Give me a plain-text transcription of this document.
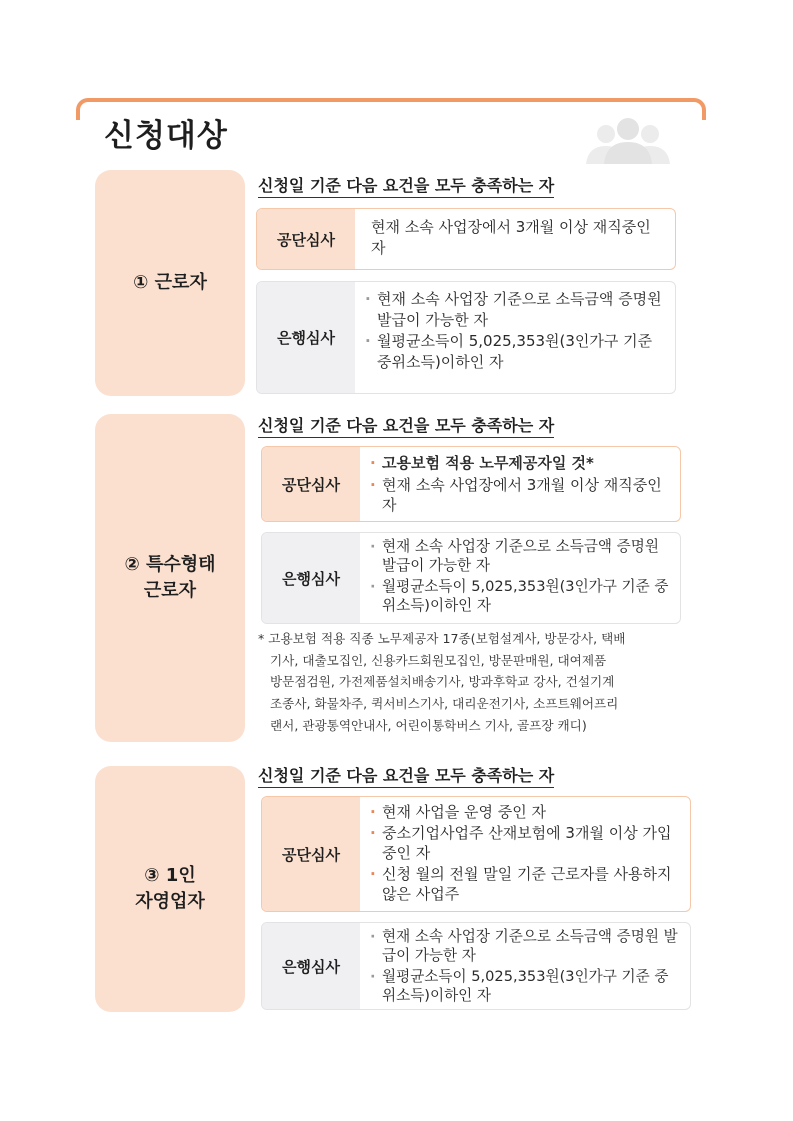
신청대상
① 근로자
신청일 기준 다음 요건을 모두 충족하는 자
공단심사
현재 소속 사업장에서 3개월 이상 재직중인 자
은행심사
· 현재 소속 사업장 기준으로 소득금액 증명원 발급이 가능한 자
· 월평균소득이 5,025,353원(3인가구 기준 중위소득)이하인 자
② 특수형태
근로자
신청일 기준 다음 요건을 모두 충족하는 자
공단심사
· 고용보험 적용 노무제공자일 것*
· 현재 소속 사업장에서 3개월 이상 재직중인 자
은행심사
· 현재 소속 사업장 기준으로 소득금액 증명원 발급이 가능한 자
· 월평균소득이 5,025,353원(3인가구 기준 중위소득)이하인 자
* 고용보험 적용 직종 노무제공자 17종(보험설계사, 방문강사, 택배
기사, 대출모집인, 신용카드회원모집인, 방문판매원, 대여제품
방문점검원, 가전제품설치배송기사, 방과후학교 강사, 건설기계
조종사, 화물차주, 퀵서비스기사, 대리운전기사, 소프트웨어프리
랜서, 관광통역안내사, 어린이통학버스 기사, 골프장 캐디)
③ 1인
자영업자
신청일 기준 다음 요건을 모두 충족하는 자
공단심사
· 현재 사업을 운영 중인 자
· 중소기업사업주 산재보험에 3개월 이상 가입 중인 자
· 신청 월의 전월 말일 기준 근로자를 사용하지 않은 사업주
은행심사
· 현재 소속 사업장 기준으로 소득금액 증명원 발급이 가능한 자
· 월평균소득이 5,025,353원(3인가구 기준 중위소득)이하인 자
